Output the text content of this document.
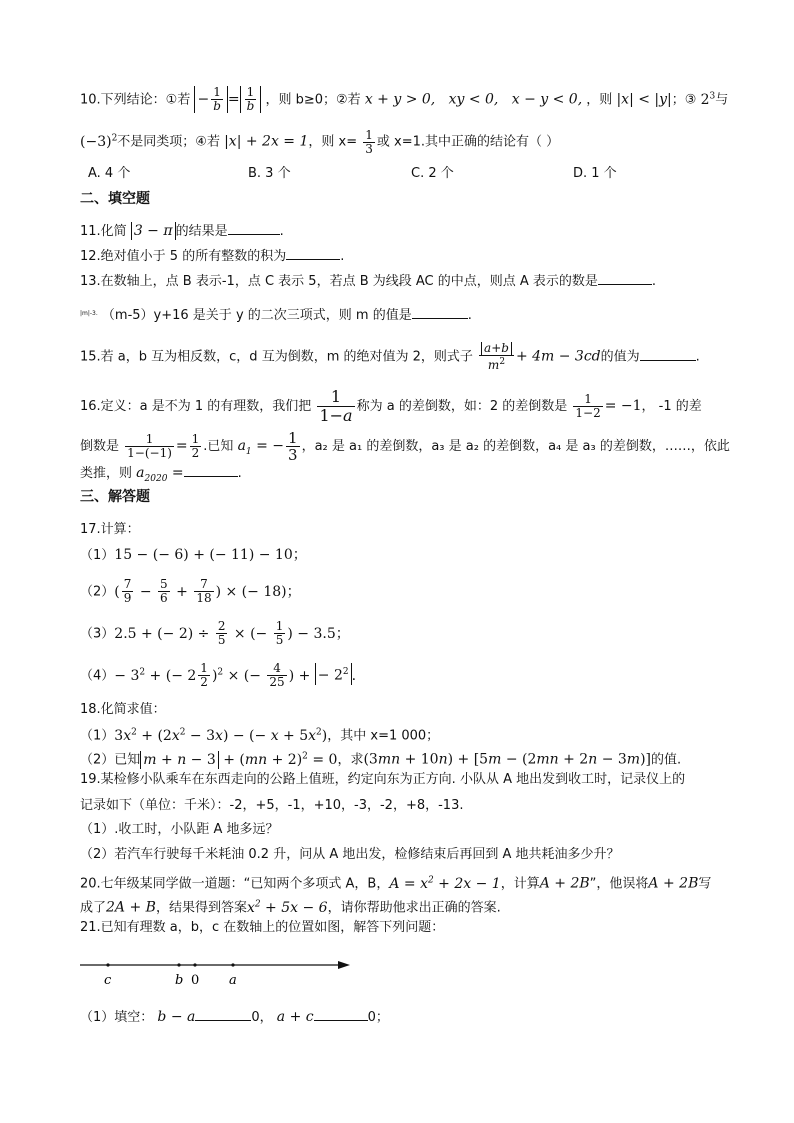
10.下列结论：①若 − $\frac{1}{b} = \frac{1}{b}$ ，则 b≥0；②若 x + y > 0,   xy < 0,   x − y < 0, ，则 |x| < |y|；③ $2^3$与
$(-3)^2$不是同类项；④若 |x| + 2x = 1，则 $x= \frac{1}{3}$ 或 x=1.其中正确的结论有（ ）
A. 4 个	B. 3 个	C. 2 个	D. 1 个
二、填空题
11.化简 3 − π 的结果是	.
12.绝对值小于 5 的所有整数的积为	.
13.在数轴上，点 B 表示-1，点 C 表示 5，若点 B 为线段 AC 的中点，则点 A 表示的数是	.
$^{|m|-3.}$ （m-5）y+16 是关于 y 的二次三项式，则 m 的值是	.
15.若 a，b 互为相反数，c，d 互为倒数，m 的绝对值为 2，则式子 $\frac{a+b}{m^2} + 4m - 3cd$的值为	.
16.定义：a 是不为 1 的有理数，我们把 $\frac{1}{1-a}$ 称为 a 的差倒数，如：2 的差倒数是 $\frac{1}{1-2} = -1$， -1 的差
倒数是 $\frac{1}{1-(-1)} = \frac{1}{2}$ .已知 $a_1$ = − $\frac{1}{3}$ ，a₂ 是 a₁ 的差倒数，a₃ 是 a₂ 的差倒数，a₄ 是 a₃ 的差倒数，……，依此
类推，则 $a_{2020}$ =	.
三、解答题
17.计算：
（1）15 − (− 6) + (− 11) − 10；
$(2)( \frac{7}{9} - \frac{5}{6} + \frac{7}{18}$ ) × (− 18)；
（3）2.5 + (− $2) \div \frac{2}{5}$ × (− $\frac{1}{5}$ ) − 3.5；
$(4)- 3^2$ + (− $2 \frac{1}{2} )^2$ × (− $\frac{4}{25}$ ) + − $2^2$ .
18.化简求值：
$(1)3x^2 + (2x^2 - 3x)$ − (− $x + 5x^2$)，其中 x=1 000；
（2）已知 m + n − 3 + (mn + 2)$^2$ = 0，求(3mn + 10n) + [5m − (2mn + 2n − 3m)]的值.
19.某检修小队乘车在东西走向的公路上值班，约定向东为正方向. 小队从 A 地出发到收工时，记录仪上的
记录如下（单位：千米）：-2，+5，-1，+10，-3，-2，+8，-13.
（1）.收工时，小队距 A 地多远？
（2）若汽车行驶每千米耗油 0.2 升，问从 A 地出发，检修结束后再回到 A 地共耗油多少升？
20.七年级某同学做一道题：“已知两个多项式 A，B，$A = x^2 + 2x - 1$，计算A + 2B”，他误将A + 2B写
成了2A + B，结果得到答案$x^2 + 5x - 6$，请你帮助他求出正确的答案.
21.已知有理数 a，b，c 在数轴上的位置如图，解答下列问题：
c	b 0 a
（1）填空： b − a	0， a + c	0；
